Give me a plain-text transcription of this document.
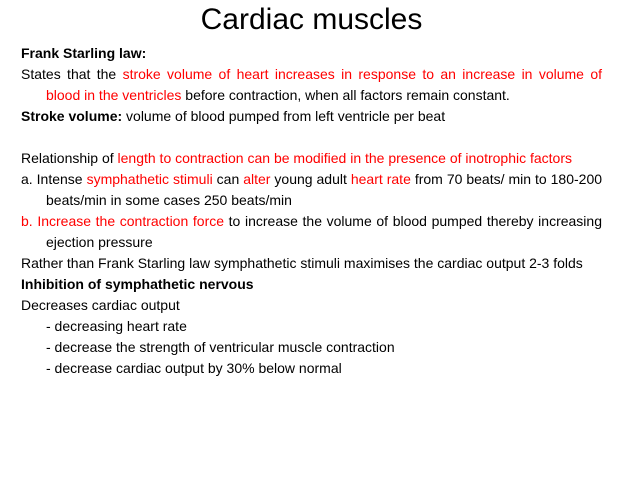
Cardiac muscles

Frank Starling law:

States that the stroke volume of heart increases in response to an increase in volume of blood in the ventricles before contraction, when all factors remain constant.

Stroke volume: volume of blood pumped from left ventricle per beat

Relationship of length to contraction can be modified in the presence of inotrophic factors

a. Intense symphathetic stimuli can alter young adult heart rate from 70 beats/ min to 180-200 beats/min in some cases 250 beats/min

b. Increase the contraction force to increase the volume of blood pumped thereby increasing ejection pressure

Rather than Frank Starling law symphathetic stimuli maximises the cardiac output 2-3 folds

Inhibition of symphathetic nervous

Decreases cardiac output

- decreasing heart rate

- decrease the strength of ventricular muscle contraction

- decrease cardiac output by 30% below normal
